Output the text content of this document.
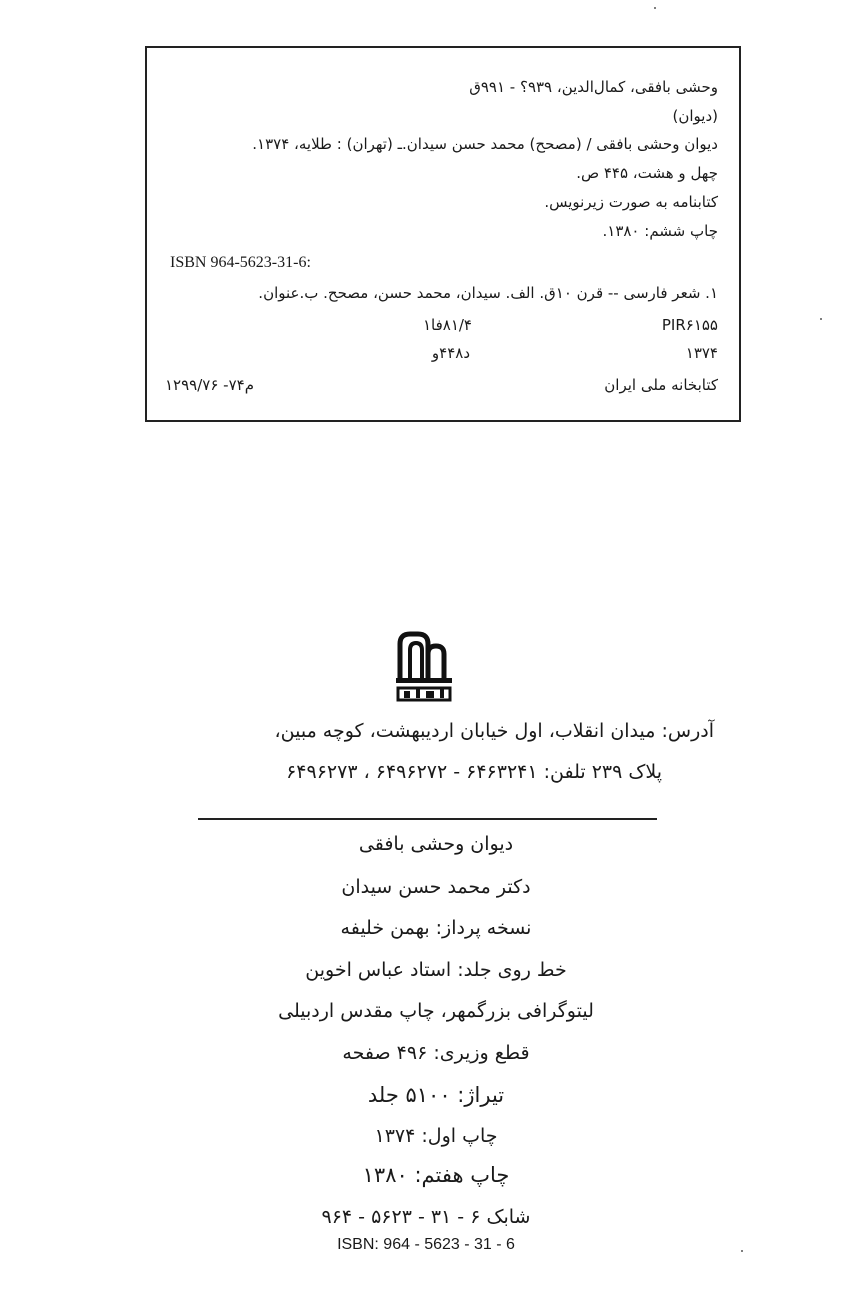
وحشی بافقی، کمال‌الدین، ۹۳۹؟ - ۹۹۱ق
(دیوان)
دیوان وحشی بافقی / (مصحح) محمد حسن سیدان.ـ (تهران) : طلایه، ۱۳۷۴.
چهل و هشت، ۴۴۵ ص.
کتابنامه به صورت زیرنویس.
چاپ ششم: ۱۳۸۰.
ISBN 964-5623-31-6:
۱. شعر فارسی -- قرن ۱۰ق. الف. سیدان، محمد حسن، مصحح. ب.عنوان.
PIR۶۱۵۵
۸۱/۴فا۱
۱۳۷۴
د۴۴۸و
کتابخانه ملی ایران
م۷۴- ۱۲۹۹/۷۶
آدرس: میدان انقلاب، اول خیابان اردیبهشت، کوچه مبین،
پلاک ۲۳۹ تلفن: ۶۴۶۳۲۴۱ - ۶۴۹۶۲۷۲ ، ۶۴۹۶۲۷۳
دیوان وحشی بافقی
دکتر محمد حسن سیدان
نسخه پرداز: بهمن خلیفه
خط روی جلد: استاد عباس اخوین
لیتوگرافی بزرگمهر، چاپ مقدس اردبیلی
قطع وزیری: ۴۹۶ صفحه
تیراژ: ۵۱۰۰ جلد
چاپ اول: ۱۳۷۴
چاپ هفتم: ۱۳۸۰
شابک ۶ - ۳۱ - ۵۶۲۳ - ۹۶۴
ISBN: 964 - 5623 - 31 - 6
